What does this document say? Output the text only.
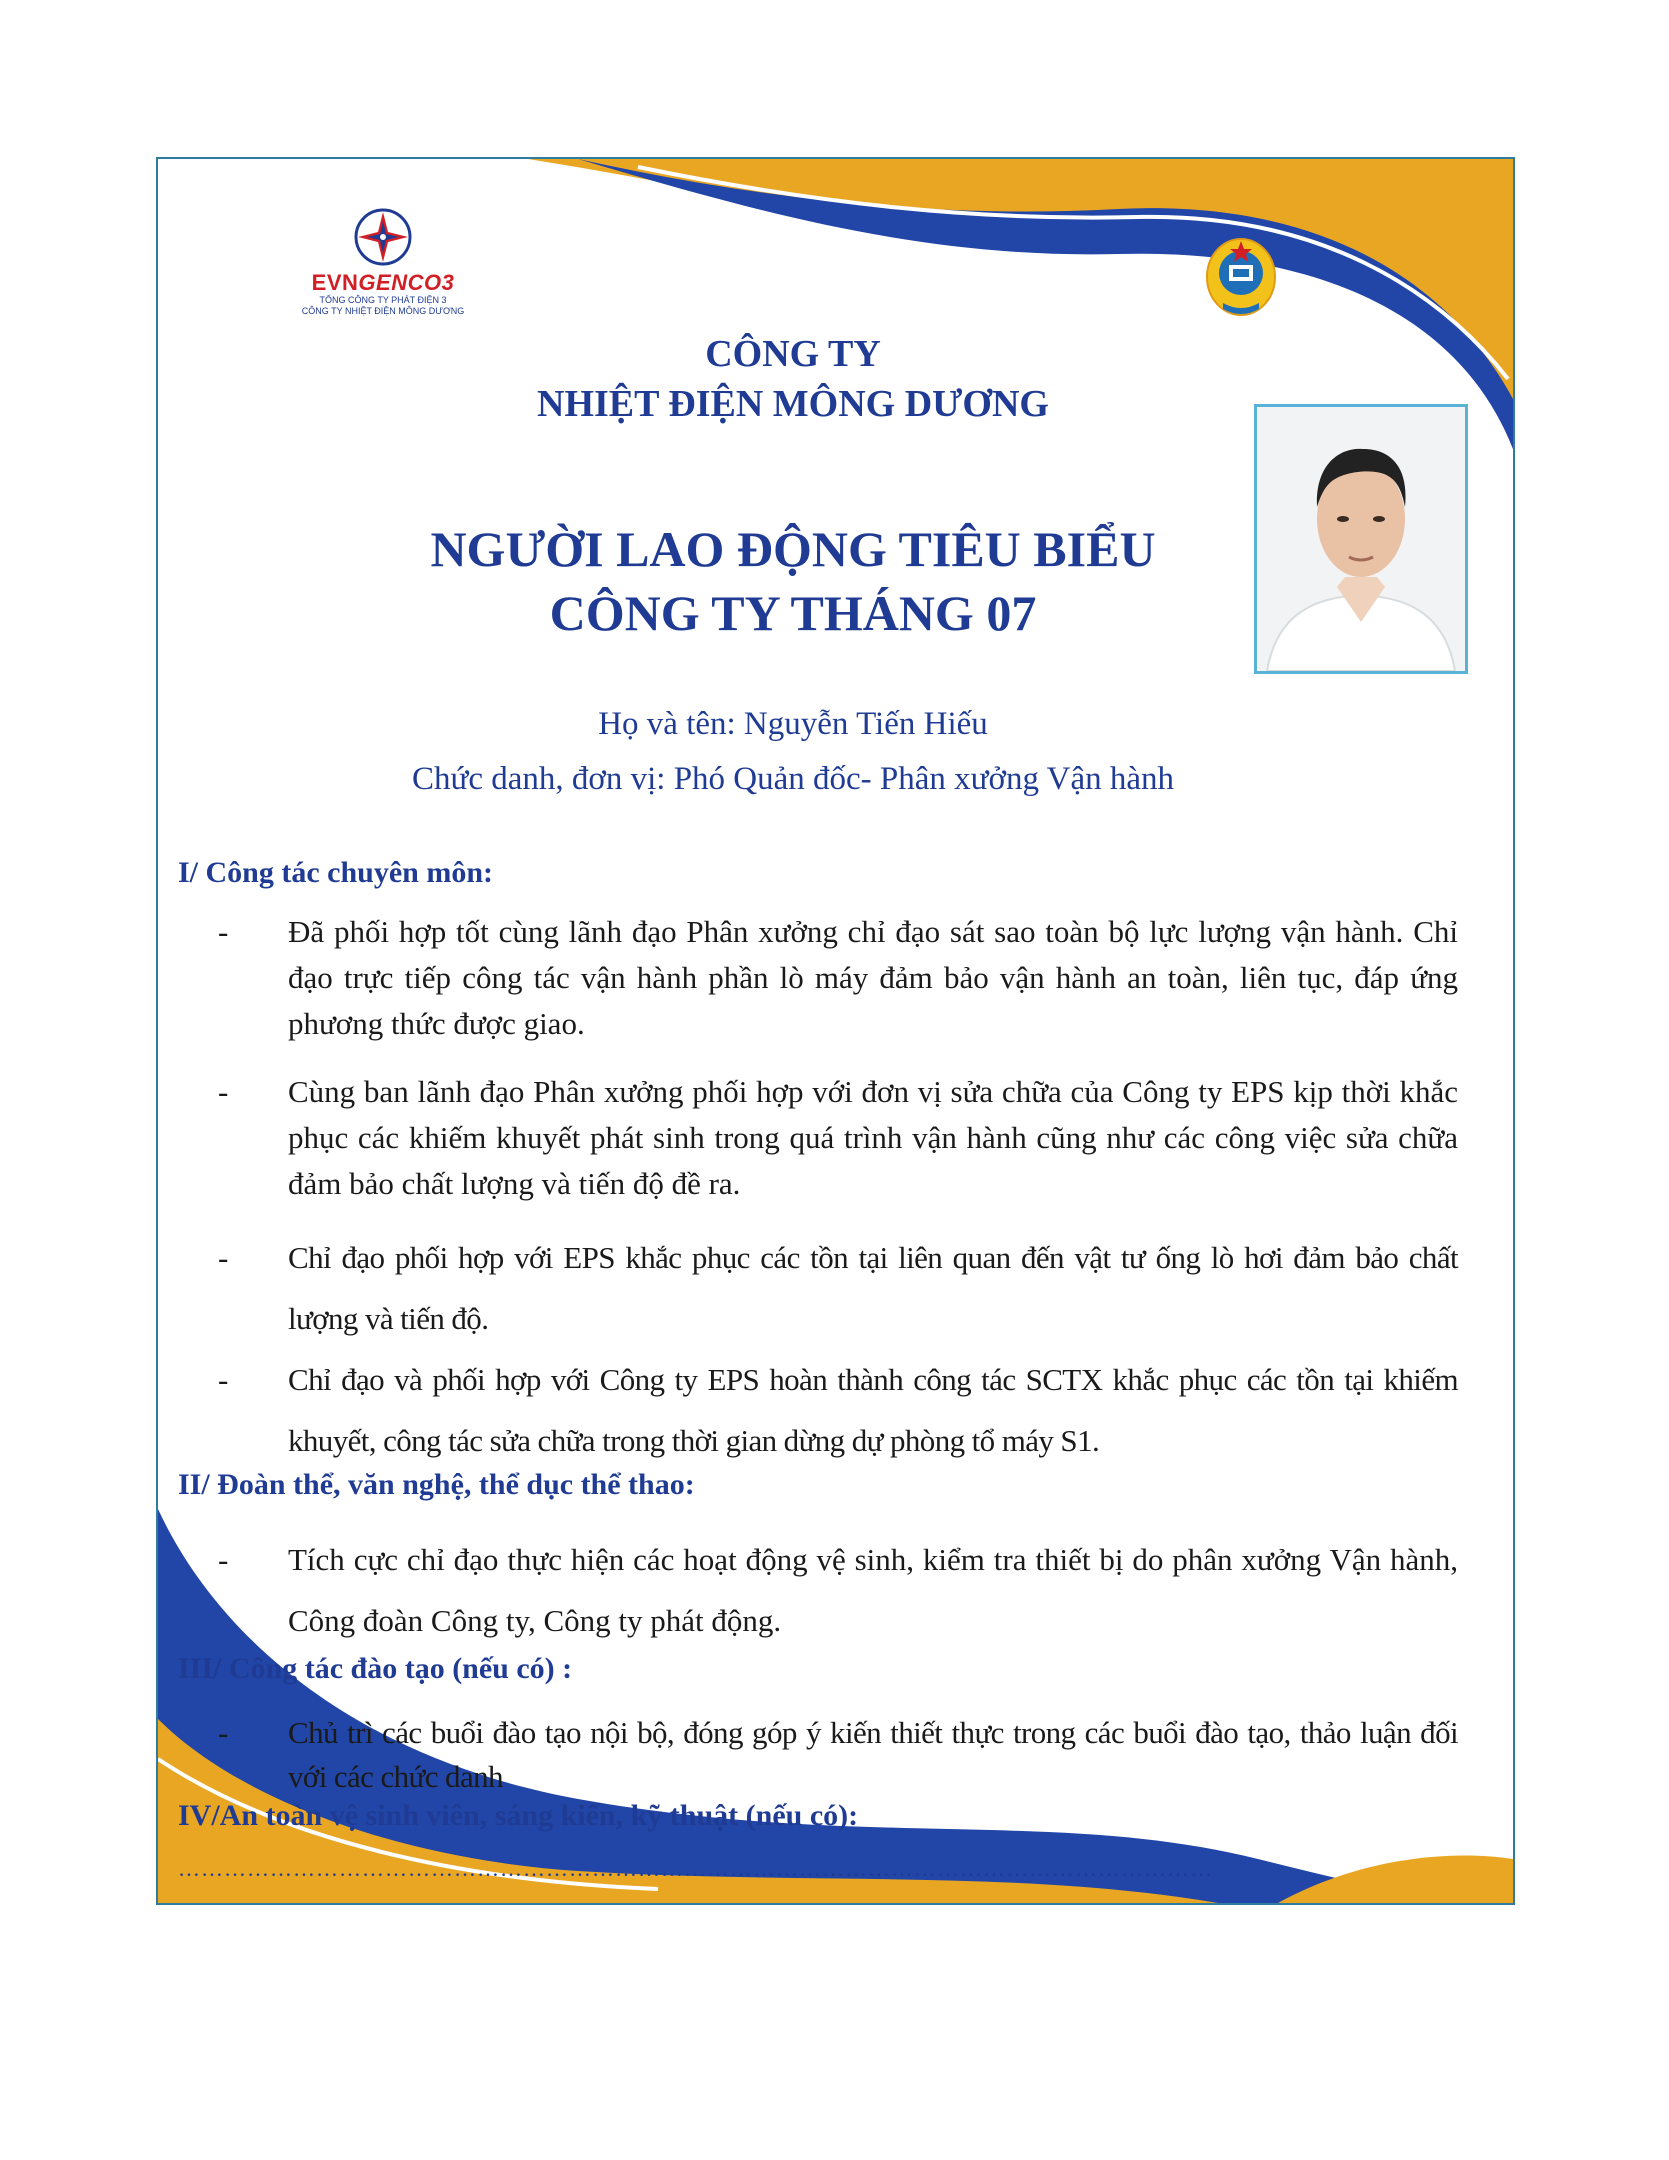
EVNGENCO3
TỔNG CÔNG TY PHÁT ĐIỆN 3
CÔNG TY NHIỆT ĐIỆN MÔNG DƯƠNG
CÔNG TY
NHIỆT ĐIỆN MÔNG DƯƠNG
NGƯỜI LAO ĐỘNG TIÊU BIỂU
CÔNG TY THÁNG 07
Họ và tên: Nguyễn Tiến Hiếu
Chức danh, đơn vị: Phó Quản đốc- Phân xưởng Vận hành
I/ Công tác chuyên môn:
- Đã phối hợp tốt cùng lãnh đạo Phân xưởng chỉ đạo sát sao toàn bộ lực lượng vận hành. Chỉ đạo trực tiếp công tác vận hành phần lò máy đảm bảo vận hành an toàn, liên tục, đáp ứng phương thức được giao.
- Cùng ban lãnh đạo Phân xưởng phối hợp với đơn vị sửa chữa của Công ty EPS kịp thời khắc phục các khiếm khuyết phát sinh trong quá trình vận hành cũng như các công việc sửa chữa đảm bảo chất lượng và tiến độ đề ra.
- Chỉ đạo phối hợp với EPS khắc phục các tồn tại liên quan đến vật tư ống lò hơi đảm bảo chất lượng và tiến độ.
- Chỉ đạo và phối hợp với Công ty EPS hoàn thành công tác SCTX khắc phục các tồn tại khiếm khuyết, công tác sửa chữa trong thời gian dừng dự phòng tổ máy S1.
II/ Đoàn thể, văn nghệ, thể dục thể thao:
- Tích cực chỉ đạo thực hiện các hoạt động vệ sinh, kiểm tra thiết bị do phân xưởng Vận hành, Công đoàn Công ty, Công ty phát động.
III/ Công tác đào tạo (nếu có) :
- Chủ trì các buổi đào tạo nội bộ, đóng góp ý kiến thiết thực trong các buổi đào tạo, thảo luận đối với các chức danh
IV/An toàn vệ sinh viên, sáng kiến, kỹ thuật (nếu có):
………………………………………………………………………………………………………………………
